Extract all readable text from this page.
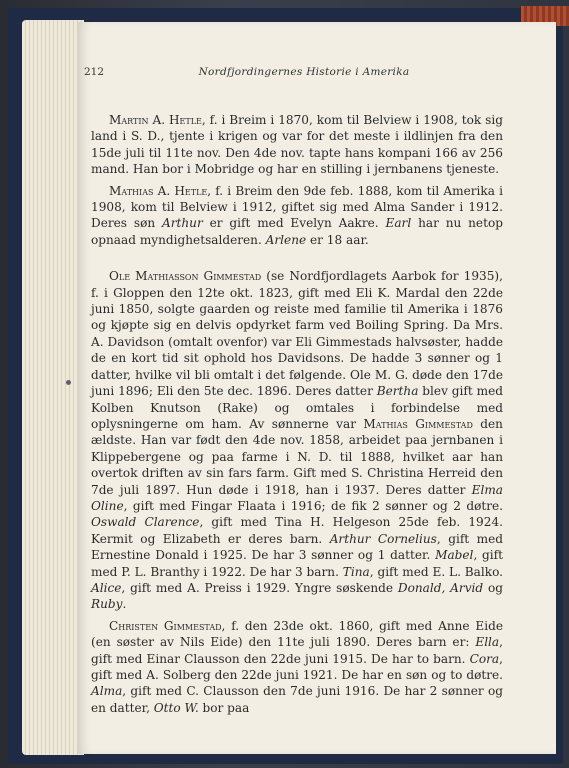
212	Nordfjordingernes Historie i Amerika

Martin A. Hetle, f. i Breim i 1870, kom til Belview i 1908, tok sig land i S. D., tjente i krigen og var for det meste i ildlinjen fra den 15de juli til 11te nov. Den 4de nov. tapte hans kompani 166 av 256 mand. Han bor i Mobridge og har en stilling i jernbanens tjeneste.

Mathias A. Hetle, f. i Breim den 9de feb. 1888, kom til Amerika i 1908, kom til Belview i 1912, giftet sig med Alma Sander i 1912. Deres søn Arthur er gift med Evelyn Aakre. Earl har nu netop opnaad myndighetsalderen. Arlene er 18 aar.

Ole Mathiasson Gimmestad (se Nordfjordlagets Aarbok for 1935), f. i Gloppen den 12te okt. 1823, gift med Eli K. Mardal den 22de juni 1850, solgte gaarden og reiste med familie til Amerika i 1876 og kjøpte sig en delvis opdyrket farm ved Boiling Spring. Da Mrs. A. Davidson (omtalt ovenfor) var Eli Gimmestads halvsøster, hadde de en kort tid sit ophold hos Davidsons. De hadde 3 sønner og 1 datter, hvilke vil bli omtalt i det følgende. Ole M. G. døde den 17de juni 1896; Eli den 5te dec. 1896. Deres datter Bertha blev gift med Kolben Knutson (Rake) og omtales i forbindelse med oplysningerne om ham. Av sønnerne var Mathias Gimmestad den ældste. Han var født den 4de nov. 1858, arbeidet paa jernbanen i Klippebergene og paa farme i N. D. til 1888, hvilket aar han overtok driften av sin fars farm. Gift med S. Christina Herreid den 7de juli 1897. Hun døde i 1918, han i 1937. Deres datter Elma Oline, gift med Fingar Flaata i 1916; de fik 2 sønner og 2 døtre. Oswald Clarence, gift med Tina H. Helgeson 25de feb. 1924. Kermit og Elizabeth er deres barn. Arthur Cornelius, gift med Ernestine Donald i 1925. De har 3 sønner og 1 datter. Mabel, gift med P. L. Branthy i 1922. De har 3 barn. Tina, gift med E. L. Balko. Alice, gift med A. Preiss i 1929. Yngre søskende Donald, Arvid og Ruby.

Christen Gimmestad, f. den 23de okt. 1860, gift med Anne Eide (en søster av Nils Eide) den 11te juli 1890. Deres barn er: Ella, gift med Einar Clausson den 22de juni 1915. De har to barn. Cora, gift med A. Solberg den 22de juni 1921. De har en søn og to døtre. Alma, gift med C. Clausson den 7de juni 1916. De har 2 sønner og en datter, Otto W. bor paa
